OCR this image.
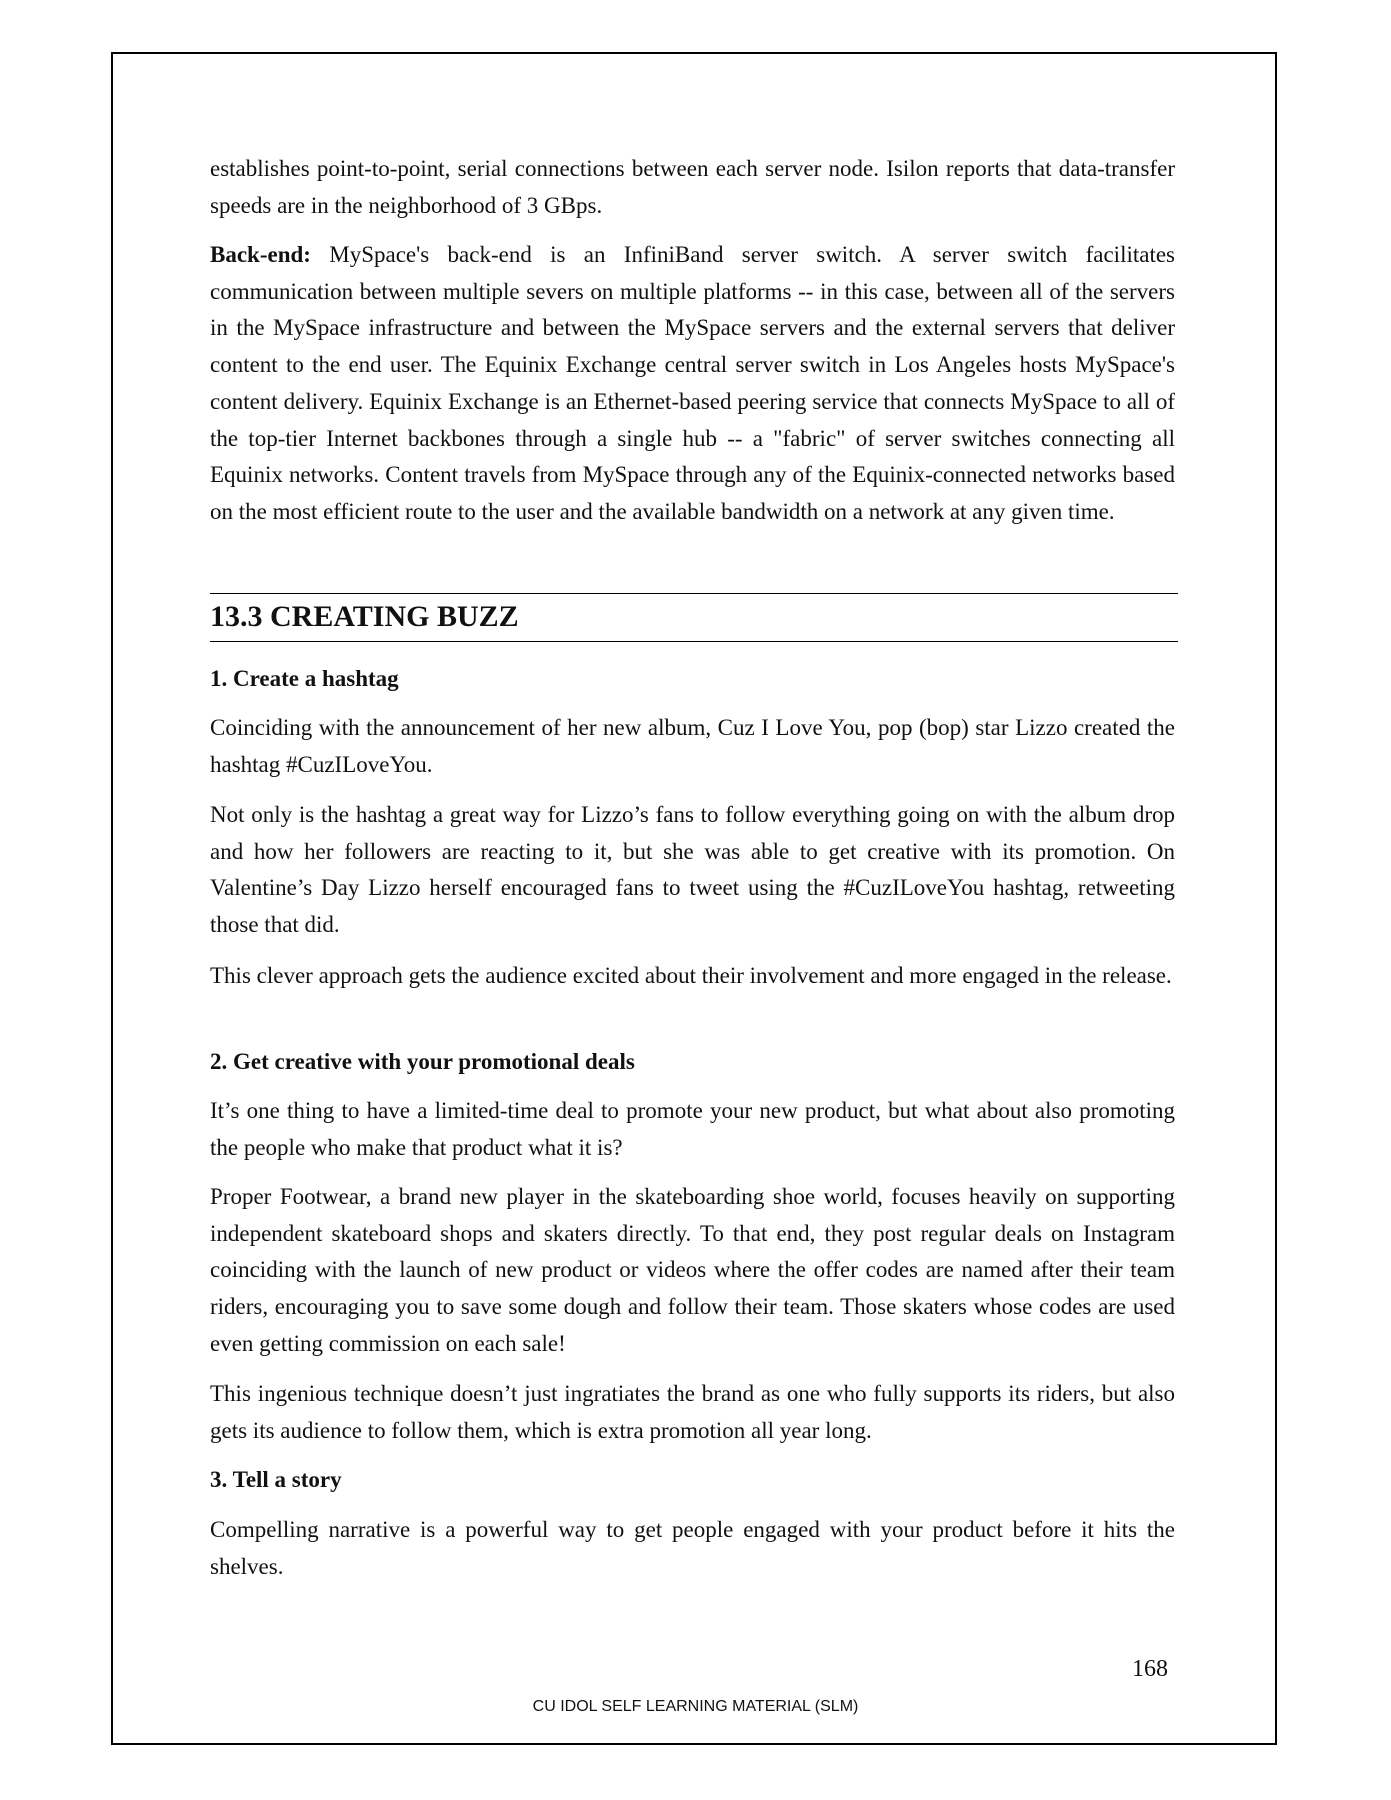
establishes point-to-point, serial connections between each server node. Isilon reports that data-transfer speeds are in the neighborhood of 3 GBps.

Back-end: MySpace's back-end is an InfiniBand server switch. A server switch facilitates communication between multiple severs on multiple platforms -- in this case, between all of the servers in the MySpace infrastructure and between the MySpace servers and the external servers that deliver content to the end user. The Equinix Exchange central server switch in Los Angeles hosts MySpace's content delivery. Equinix Exchange is an Ethernet-based peering service that connects MySpace to all of the top-tier Internet backbones through a single hub -- a "fabric" of server switches connecting all Equinix networks. Content travels from MySpace through any of the Equinix-connected networks based on the most efficient route to the user and the available bandwidth on a network at any given time.

13.3 CREATING BUZZ

1. Create a hashtag

Coinciding with the announcement of her new album, Cuz I Love You, pop (bop) star Lizzo created the hashtag #CuzILoveYou.

Not only is the hashtag a great way for Lizzo’s fans to follow everything going on with the album drop and how her followers are reacting to it, but she was able to get creative with its promotion. On Valentine’s Day Lizzo herself encouraged fans to tweet using the #CuzILoveYou hashtag, retweeting those that did.

This clever approach gets the audience excited about their involvement and more engaged in the release.

2. Get creative with your promotional deals

It’s one thing to have a limited-time deal to promote your new product, but what about also promoting the people who make that product what it is?

Proper Footwear, a brand new player in the skateboarding shoe world, focuses heavily on supporting independent skateboard shops and skaters directly. To that end, they post regular deals on Instagram coinciding with the launch of new product or videos where the offer codes are named after their team riders, encouraging you to save some dough and follow their team. Those skaters whose codes are used even getting commission on each sale!

This ingenious technique doesn’t just ingratiates the brand as one who fully supports its riders, but also gets its audience to follow them, which is extra promotion all year long.

3. Tell a story

Compelling narrative is a powerful way to get people engaged with your product before it hits the shelves.

168
CU IDOL SELF LEARNING MATERIAL (SLM)
